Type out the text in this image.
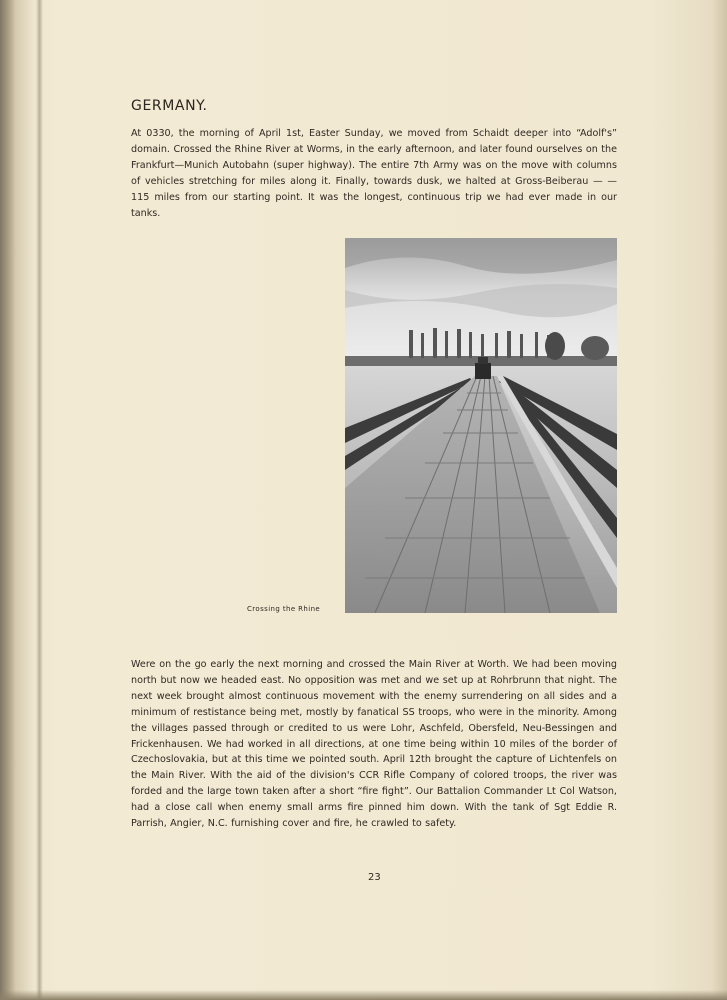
GERMANY.

At 0330, the morning of April 1st, Easter Sunday, we moved from Schaidt deeper into “Adolf's” domain. Crossed the Rhine River at Worms, in the early afternoon, and later found ourselves on the Frankfurt—Munich Autobahn (super highway). The entire 7th Army was on the move with columns of vehicles stretching for miles along it. Finally, towards dusk, we halted at Gross-Beiberau — — 115 miles from our starting point. It was the longest, continuous trip we had ever made in our tanks.

Crossing the Rhine

Were on the go early the next morning and crossed the Main River at Worth. We had been moving north but now we headed east. No opposition was met and we set up at Rohrbrunn that night. The next week brought almost continuous movement with the enemy surrendering on all sides and a minimum of restistance being met, mostly by fanatical SS troops, who were in the minority. Among the villages passed through or credited to us were Lohr, Aschfeld, Obersfeld, Neu-Bessingen and Frickenhausen. We had worked in all directions, at one time being within 10 miles of the border of Czechoslovakia, but at this time we pointed south. April 12th brought the capture of Lichtenfels on the Main River. With the aid of the division's CCR Rifle Company of colored troops, the river was forded and the large town taken after a short “fire fight”. Our Battalion Commander Lt Col Watson, had a close call when enemy small arms fire pinned him down. With the tank of Sgt Eddie R. Parrish, Angier, N.C. furnishing cover and fire, he crawled to safety.

23
